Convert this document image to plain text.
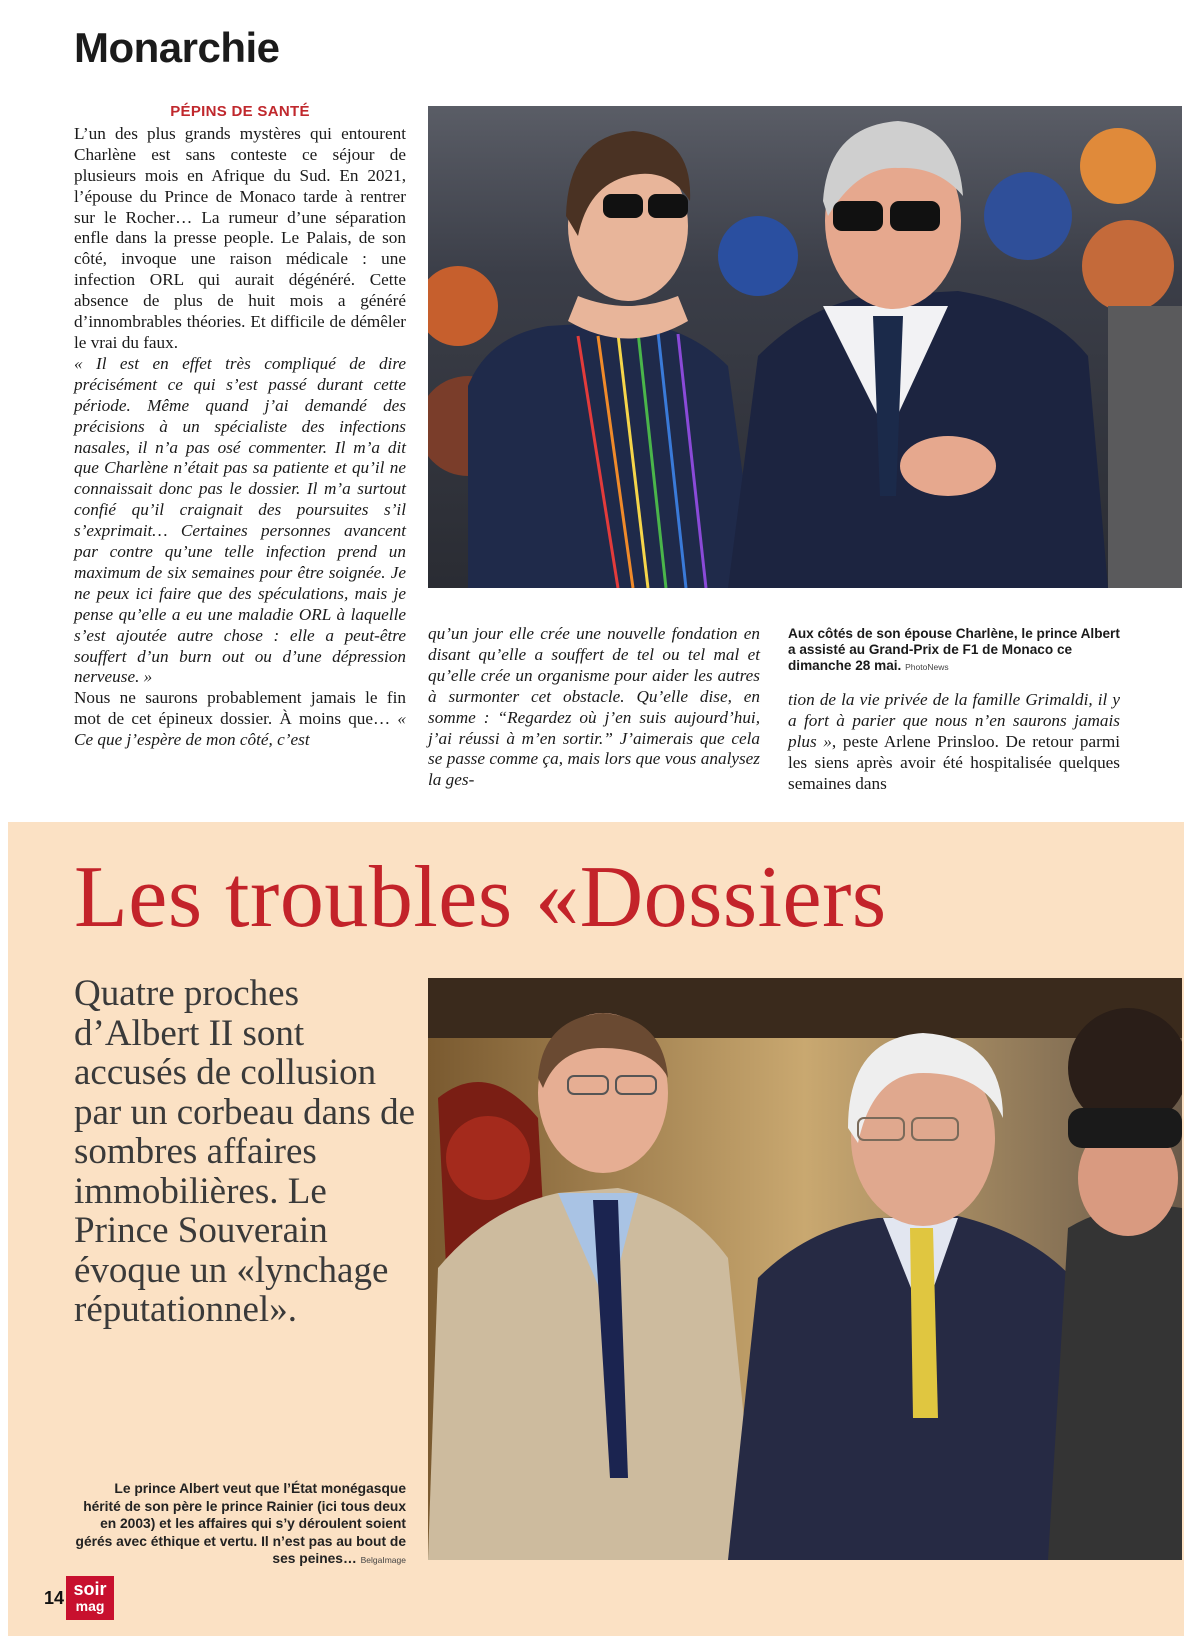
Monarchie
PÉPINS DE SANTÉ

L’un des plus grands mystères qui entourent Charlène est sans conteste ce séjour de plusieurs mois en Afrique du Sud. En 2021, l’épouse du Prince de Monaco tarde à rentrer sur le Rocher… La rumeur d’une séparation enfle dans la presse people. Le Palais, de son côté, invoque une raison médicale : une infection ORL qui aurait dégénéré. Cette absence de plus de huit mois a généré d’innombrables théories. Et difficile de démêler le vrai du faux.

« Il est en effet très compliqué de dire précisément ce qui s’est passé durant cette période. Même quand j’ai demandé des précisions à un spécialiste des infections nasales, il n’a pas osé commenter. Il m’a dit que Charlène n’était pas sa patiente et qu’il ne connaissait donc pas le dossier. Il m’a surtout confié qu’il craignait des poursuites s’il s’exprimait… Certaines personnes avancent par contre qu’une telle infection prend un maximum de six semaines pour être soignée. Je ne peux ici faire que des spéculations, mais je pense qu’elle a eu une maladie ORL à laquelle s’est ajoutée autre chose : elle a peut-être souffert d’un burn out ou d’une dépression nerveuse. »

Nous ne saurons probablement jamais le fin mot de cet épineux dossier. À moins que… « Ce que j’espère de mon côté, c’est

qu’un jour elle crée une nouvelle fondation en disant qu’elle a souffert de tel ou tel mal et qu’elle crée un organisme pour aider les autres à surmonter cet obstacle. Qu’elle dise, en somme : “Regardez où j’en suis aujourd’hui, j’ai réussi à m’en sortir.” J’aimerais que cela se passe comme ça, mais lors que vous analysez la ges-

Aux côtés de son épouse Charlène, le prince Albert a assisté au Grand-Prix de F1 de Monaco ce dimanche 28 mai. PhotoNews

tion de la vie privée de la famille Grimaldi, il y a fort à parier que nous n’en saurons jamais plus », peste Arlene Prinsloo. De retour parmi les siens après avoir été hospitalisée quelques semaines dans

Les troubles «Dossiers
Quatre proches d’Albert II sont accusés de collusion par un corbeau dans de sombres affaires immobilières. Le Prince Souverain évoque un «lynchage réputationnel».
Le prince Albert veut que l’État monégasque hérité de son père le prince Rainier (ici tous deux en 2003) et les affaires qui s’y déroulent soient gérés avec éthique et vertu. Il n’est pas au bout de ses peines… BelgaImage
14 soir
mag
